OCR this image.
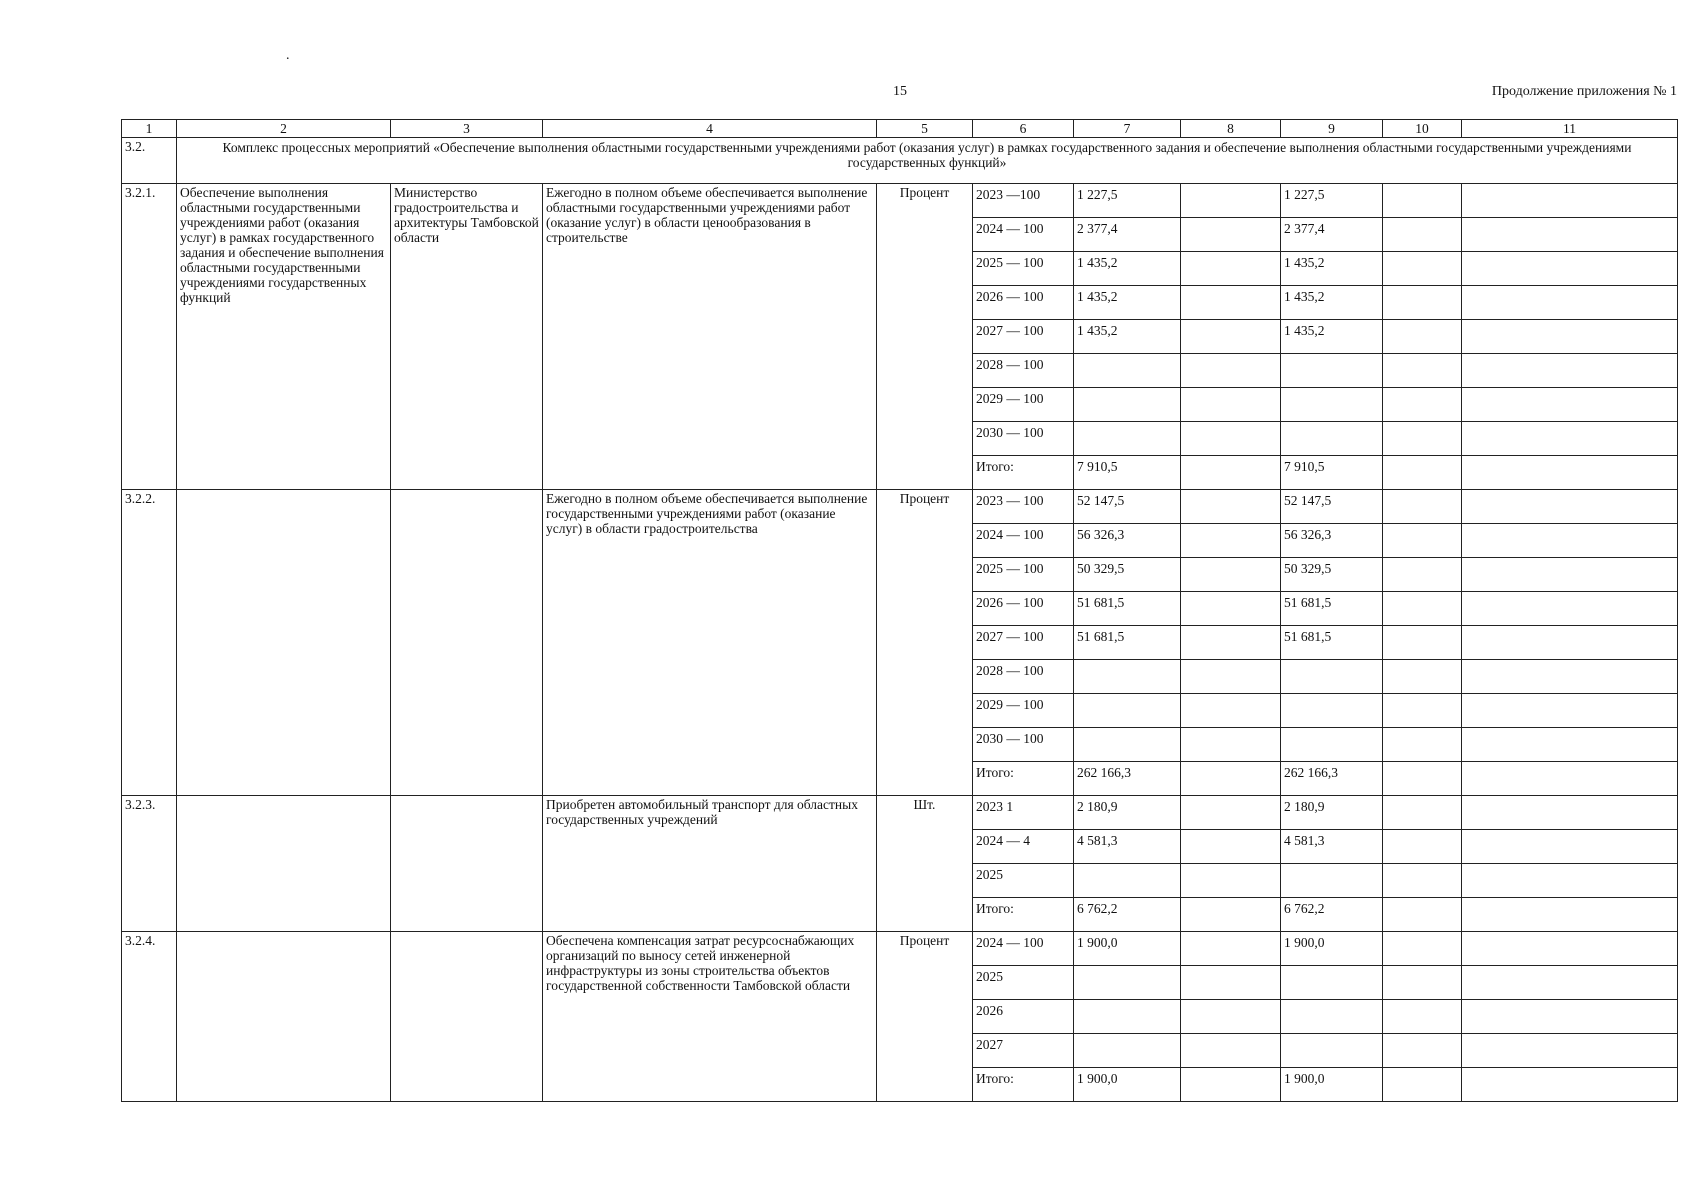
.
15	Продолжение приложения № 1
1	2	3	4	5	6	7	8	9	10	11
3.2.	Комплекс процессных мероприятий «Обеспечение выполнения областными государственными учреждениями работ (оказания услуг) в рамках государственного задания и обеспечение выполнения областными государственными учреждениями государственных функций»									
3.2.1.	Обеспечение выполнения областными государственными учреждениями работ (оказания услуг) в рамках государственного задания и обеспечение выполнения областными государственными учреждениями государственных функций	Министерство градостроительства и архитектуры Тамбовской области	Ежегодно в полном объеме обеспечивается выполнение областными государственными учреждениями работ (оказание услуг) в области ценообразования в строительстве	Процент	2023 —100	1 227,5		1 227,5		
					2024 — 100	2 377,4		2 377,4		
					2025 — 100	1 435,2		1 435,2		
					2026 — 100	1 435,2		1 435,2		
					2027 — 100	1 435,2		1 435,2		
					2028 — 100					
					2029 — 100					
					2030 — 100					
					Итого:	7 910,5		7 910,5		
3.2.2.			Ежегодно в полном объеме обеспечивается выполнение государственными учреждениями работ (оказание услуг) в области градостроительства	Процент	2023 — 100	52 147,5		52 147,5		
					2024 — 100	56 326,3		56 326,3		
					2025 — 100	50 329,5		50 329,5		
					2026 — 100	51 681,5		51 681,5		
					2027 — 100	51 681,5		51 681,5		
					2028 — 100					
					2029 — 100					
					2030 — 100					
					Итого:	262 166,3		262 166,3		
3.2.3.			Приобретен автомобильный транспорт для областных государственных учреждений	Шт.	2023 1	2 180,9		2 180,9		
					2024 — 4	4 581,3		4 581,3		
					2025					
					Итого:	6 762,2		6 762,2		
3.2.4.			Обеспечена компенсация затрат ресурсоснабжающих организаций по выносу сетей инженерной инфраструктуры из зоны строительства объектов государственной собственности Тамбовской области	Процент	2024 — 100	1 900,0		1 900,0		
					2025					
					2026					
					2027					
					Итого:	1 900,0		1 900,0		
